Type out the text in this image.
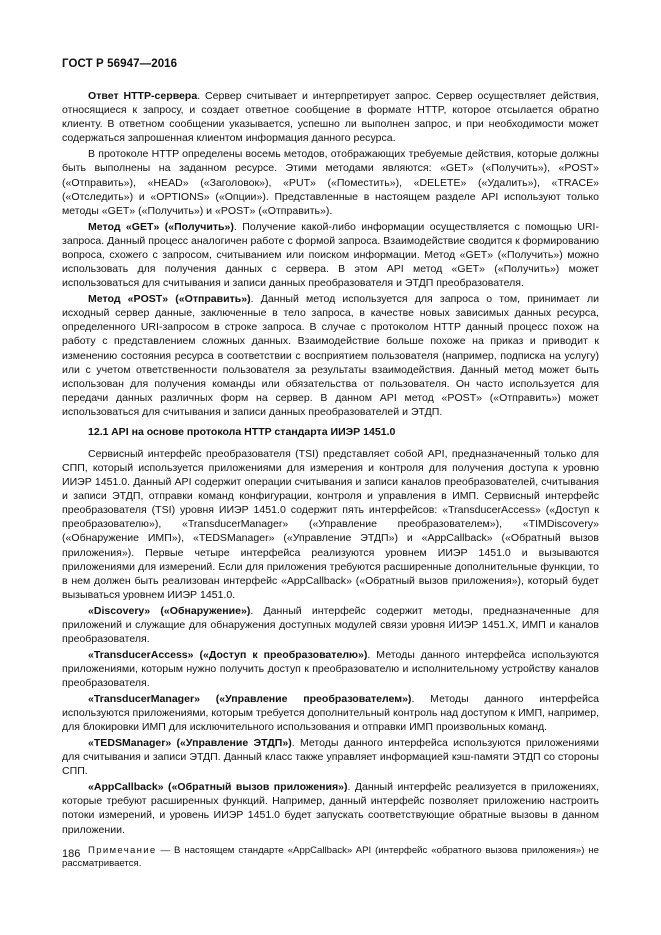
ГОСТ Р 56947—2016

Ответ HTTP-сервера. Сервер считывает и интерпретирует запрос. Сервер осуществляет действия, относящиеся к запросу, и создает ответное сообщение в формате HTTP, которое отсылается обратно клиенту. В ответном сообщении указывается, успешно ли выполнен запрос, и при необходимости может содержаться запрошенная клиентом информация данного ресурса.

В протоколе HTTP определены восемь методов, отображающих требуемые действия, которые должны быть выполнены на заданном ресурсе. Этими методами являются: «GET» («Получить»), «POST» («Отправить»), «HEAD» («Заголовок»), «PUT» («Поместить»), «DELETE» («Удалить»), «TRACE» («Отследить») и «OPTIONS» («Опции»). Представленные в настоящем разделе API используют только методы «GET» («Получить») и «POST» («Отправить»).

Метод «GET» («Получить»). Получение какой-либо информации осуществляется с помощью URI-запроса. Данный процесс аналогичен работе с формой запроса. Взаимодействие сводится к формированию вопроса, схожего с запросом, считыванием или поиском информации. Метод «GET» («Получить») можно использовать для получения данных с сервера. В этом API метод «GET» («Получить») может использоваться для считывания и записи данных преобразователя и ЭТДП преобразователя.

Метод «POST» («Отправить»). Данный метод используется для запроса о том, принимает ли исходный сервер данные, заключенные в тело запроса, в качестве новых зависимых данных ресурса, определенного URI-запросом в строке запроса. В случае с протоколом HTTP данный процесс похож на работу с представлением сложных данных. Взаимодействие больше похоже на приказ и приводит к изменению состояния ресурса в соответствии с восприятием пользователя (например, подписка на услугу) или с учетом ответственности пользователя за результаты взаимодействия. Данный метод может быть использован для получения команды или обязательства от пользователя. Он часто используется для передачи данных различных форм на сервер. В данном API метод «POST» («Отправить») может использоваться для считывания и записи данных преобразователей и ЭТДП.

12.1 API на основе протокола HTTP стандарта ИИЭР 1451.0

Сервисный интерфейс преобразователя (TSI) представляет собой API, предназначенный только для СПП, который используется приложениями для измерения и контроля для получения доступа к уровню ИИЭР 1451.0. Данный API содержит операции считывания и записи каналов преобразователей, считывания и записи ЭТДП, отправки команд конфигурации, контроля и управления в ИМП. Сервисный интерфейс преобразователя (TSI) уровня ИИЭР 1451.0 содержит пять интерфейсов: «TransducerAccess» («Доступ к преобразователю»), «TransducerManager» («Управление преобразователем»), «TIMDiscovery» («Обнаружение ИМП»), «TEDSManager» («Управление ЭТДП») и «AppCallback» («Обратный вызов приложения»). Первые четыре интерфейса реализуются уровнем ИИЭР 1451.0 и вызываются приложениями для измерений. Если для приложения требуются расширенные дополнительные функции, то в нем должен быть реализован интерфейс «AppCallback» («Обратный вызов приложения»), который будет вызываться уровнем ИИЭР 1451.0.

«Discovery» («Обнаружение»). Данный интерфейс содержит методы, предназначенные для приложений и служащие для обнаружения доступных модулей связи уровня ИИЭР 1451.X, ИМП и каналов преобразователя.

«TransducerAccess» («Доступ к преобразователю»). Методы данного интерфейса используются приложениями, которым нужно получить доступ к преобразователю и исполнительному устройству каналов преобразователя.

«TransducerManager» («Управление преобразователем»). Методы данного интерфейса используются приложениями, которым требуется дополнительный контроль над доступом к ИМП, например, для блокировки ИМП для исключительного использования и отправки ИМП произвольных команд.

«TEDSManager» («Управление ЭТДП»). Методы данного интерфейса используются приложениями для считывания и записи ЭТДП. Данный класс также управляет информацией кэш-памяти ЭТДП со стороны СПП.

«AppCallback» («Обратный вызов приложения»). Данный интерфейс реализуется в приложениях, которые требуют расширенных функций. Например, данный интерфейс позволяет приложению настроить потоки измерений, и уровень ИИЭР 1451.0 будет запускать соответствующие обратные вызовы в данном приложении.

Примечание — В настоящем стандарте «AppCallback» API (интерфейс «обратного вызова приложения») не рассматривается.

186
